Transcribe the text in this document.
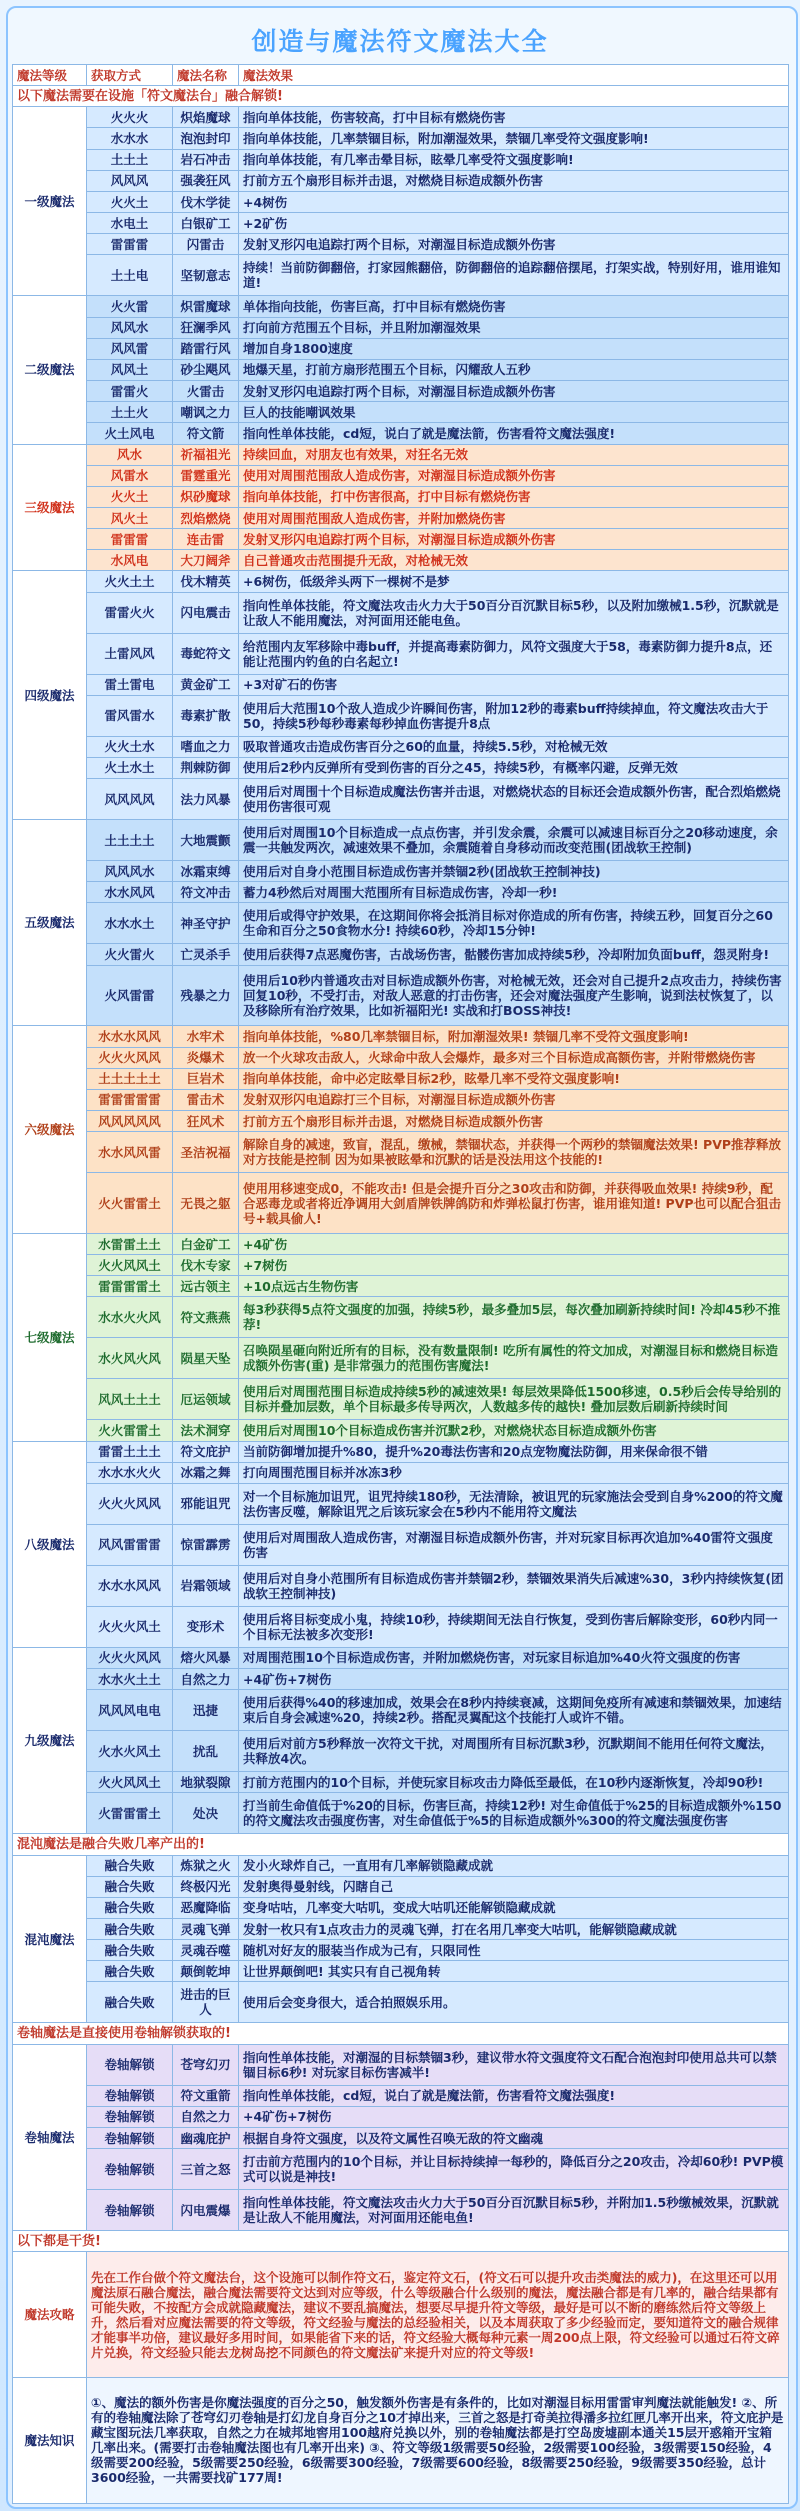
创造与魔法符文魔法大全
魔法等级	获取方式	魔法名称	魔法效果
以下魔法需要在设施「符文魔法台」融合解锁!			
一级魔法	火火火	炽焰魔球	指向单体技能，伤害较高，打中目标有燃烧伤害
	水水水	泡泡封印	指向单体技能，几率禁锢目标，附加潮湿效果，禁锢几率受符文强度影响!
	土土土	岩石冲击	指向单体技能，有几率击晕目标，眩晕几率受符文强度影响!
	风风风	强袭狂风	打前方五个扇形目标并击退，对燃烧目标造成额外伤害
	火火土	伐木学徒	+4树伤
	水电土	白银矿工	+2矿伤
	雷雷雷	闪雷击	发射叉形闪电追踪打两个目标，对潮湿目标造成额外伤害
	土土电	坚韧意志	持续！当前防御翻倍，打家园熊翻倍，防御翻倍的追踪翻倍摆尾，打架实战，特别好用，谁用谁知道!
二级魔法	火火雷	炽雷魔球	单体指向技能，伤害巨高，打中目标有燃烧伤害
	风风水	狂澜季风	打向前方范围五个目标，并且附加潮湿效果
	风风雷	踏雷行风	增加自身1800速度
	风风土	砂尘飓风	地爆天星，打前方扇形范围五个目标，闪耀敌人五秒
	雷雷火	火雷击	发射叉形闪电追踪打两个目标，对潮湿目标造成额外伤害
	土土火	嘲讽之力	巨人的技能嘲讽效果
	火土风电	符文箭	指向性单体技能，cd短，说白了就是魔法箭，伤害看符文魔法强度!
三级魔法	风水	祈福祖光	持续回血，对朋友也有效果，对狂名无效
	风雷水	雷霆重光	使用对周围范围敌人造成伤害，对潮湿目标造成额外伤害
	火火土	炽砂魔球	指向单体技能，打中伤害很高，打中目标有燃烧伤害
	风火土	烈焰燃烧	使用对周围范围敌人造成伤害，并附加燃烧伤害
	雷雷雷	连击雷	发射叉形闪电追踪打两个目标，对潮湿目标造成额外伤害
	水风电	大刀阔斧	自己普通攻击范围提升无敌，对枪械无效
四级魔法	火火土土	伐木精英	+6树伤，低级斧头两下一棵树不是梦
	雷雷火火	闪电震击	指向性单体技能，符文魔法攻击火力大于50百分百沉默目标5秒，以及附加缴械1.5秒，沉默就是让敌人不能用魔法，对河面用还能电鱼。
	土雷风风	毒蛇符文	给范围内友军移除中毒buff，并提高毒素防御力，风符文强度大于58，毒素防御力提升8点，还能让范围内钓鱼的白名起立!
	雷土雷电	黄金矿工	+3对矿石的伤害
	雷风雷水	毒素扩散	使用后大范围10个敌人造成少许瞬间伤害，附加12秒的毒素buff持续掉血，符文魔法攻击大于50，持续5秒每秒毒素每秒掉血伤害提升8点
	火火土水	嗜血之力	吸取普通攻击造成伤害百分之60的血量，持续5.5秒，对枪械无效
	火土水土	荆棘防御	使用后2秒内反弹所有受到伤害的百分之45，持续5秒，有概率闪避，反弹无效
	风风风风	法力风暴	使用后对周围十个目标造成魔法伤害并击退，对燃烧状态的目标还会造成额外伤害，配合烈焰燃烧使用伤害很可观
五级魔法	土土土土	大地震颤	使用后对周围10个目标造成一点点伤害，并引发余震，余震可以减速目标百分之20移动速度，余震一共触发两次，减速效果不叠加，余震随着自身移动而改变范围(团战软王控制)
	风风风水	冰霜束缚	使用后对自身小范围目标造成伤害并禁锢2秒(团战软王控制神技)
	水水风风	符文冲击	蓄力4秒然后对周围大范围所有目标造成伤害，冷却一秒!
	水水水土	神圣守护	使用后或得守护效果，在这期间你将会抵消目标对你造成的所有伤害，持续五秒，回复百分之60生命和百分之50食物水分! 持续60秒，冷却15分钟!
	火火雷火	亡灵杀手	使用后获得7点恶魔伤害，古战场伤害，骷髅伤害加成持续5秒，冷却附加负面buff，怨灵附身!
	火风雷雷	残暴之力	使用后10秒内普通攻击对目标造成额外伤害，对枪械无效，还会对自己提升2点攻击力，持续伤害回复10秒，不受打击，对敌人恶意的打击伤害，还会对魔法强度产生影响，说到法杖恢复了，以及移除所有治疗效果，比如祈福阳光! 实战和打BOSS神技!
六级魔法	水水水风风	水牢术	指向单体技能，%80几率禁锢目标，附加潮湿效果! 禁锢几率不受符文强度影响!
	火火火风风	炎爆术	放一个火球攻击敌人，火球命中敌人会爆炸，最多对三个目标造成高额伤害，并附带燃烧伤害
	土土土土土	巨岩术	指向单体技能，命中必定眩晕目标2秒，眩晕几率不受符文强度影响!
	雷雷雷雷雷	雷击术	发射双形闪电追踪打三个目标，对潮湿目标造成额外伤害
	风风风风风	狂风术	打前方五个扇形目标并击退，对燃烧目标造成额外伤害
	水水风风雷	圣洁祝福	解除自身的减速，致盲，混乱，缴械，禁锢状态，并获得一个两秒的禁锢魔法效果! PVP推荐释放对方技能是控制 因为如果被眩晕和沉默的话是没法用这个技能的!
	火火雷雷土	无畏之躯	使用用移速变成0，不能攻击! 但是会提升百分之30攻击和防御，并获得吸血效果! 持续9秒，配合恶毒龙或者将近净调用大剑盾牌铁牌鸽防和炸弹松鼠打伤害，谁用谁知道! PVP也可以配合狙击号+载具偷人!
七级魔法	水雷雷土土	白金矿工	+4矿伤
	火火风风土	伐木专家	+7树伤
	雷雷雷雷土	远古领主	+10点远古生物伤害
	水水火火风	符文燕燕	每3秒获得5点符文强度的加强，持续5秒，最多叠加5层，每次叠加刷新持续时间! 冷却45秒不推荐!
	水火风火风	陨星天坠	召唤陨星砸向附近所有的目标，没有数量限制! 吃所有属性的符文加成，对潮湿目标和燃烧目标造成额外伤害(重) 是非常强力的范围伤害魔法!
	风风土土土	厄运领域	使用后对周围范围目标造成持续5秒的减速效果! 每层效果降低1500移速，0.5秒后会传导给别的目标并叠加层数，单个目标最多传导两次，人数越多传的越快! 叠加层数后刷新持续时间
	火火雷雷土	法术洞穿	使用后对周围10个目标造成伤害并沉默2秒，对燃烧状态目标造成额外伤害
八级魔法	雷雷土土土	符文庇护	当前防御增加提升%80，提升%20毒法伤害和20点宠物魔法防御，用来保命很不错
	水水水火火	冰霜之舞	打向周围范围目标并冰冻3秒
	火火火风风	邪能诅咒	对一个目标施加诅咒，诅咒持续180秒，无法清除，被诅咒的玩家施法会受到自身%200的符文魔法伤害反噬，解除诅咒之后该玩家会在5秒内不能用符文魔法
	风风雷雷雷	惊雷霹雳	使用后对周围敌人造成伤害，对潮湿目标造成额外伤害，并对玩家目标再次追加%40雷符文强度伤害
	水水水风风	岩霜领域	使用后对自身小范围所有目标造成伤害并禁锢2秒，禁锢效果消失后减速%30，3秒内持续恢复(团战软王控制神技)
	火火火风土	变形术	使用后将目标变成小鬼，持续10秒，持续期间无法自行恢复，受到伤害后解除变形，60秒内同一个目标无法被多次变形!
九级魔法	火火火风风	熔火风暴	对周围范围10个目标造成伤害，并附加燃烧伤害，对玩家目标追加%40火符文强度的伤害
	水水火土土	自然之力	+4矿伤+7树伤
	风风风电电	迅捷	使用后获得%40的移速加成，效果会在8秒内持续衰减，这期间免疫所有减速和禁锢效果，加速结束后自身会减速%20，持续2秒。搭配灵翼配这个技能打人或许不错。
	火水火风土	扰乱	使用后对前方5秒释放一次符文干扰，对周围所有目标沉默3秒，沉默期间不能用任何符文魔法，共释放4次。
	火火风风土	地狱裂隙	打前方范围内的10个目标，并使玩家目标攻击力降低至最低，在10秒内逐渐恢复，冷却90秒!
	火雷雷雷土	处决	打当前生命值低于%20的目标，伤害巨高，持续12秒! 对生命值低于%25的目标造成额外%150的符文魔法攻击强度伤害，对生命值低于%5的目标造成额外%300的符文魔法强度伤害
混沌魔法是融合失败几率产出的!			
混沌魔法	融合失败	炼狱之火	发小火球炸自己，一直用有几率解锁隐藏成就
	融合失败	终极闪光	发射奥得曼射线，闪瞎自己
	融合失败	恶魔降临	变身咕咕，几率变大咕叽，变成大咕叽还能解锁隐藏成就
	融合失败	灵魂飞弹	发射一枚只有1点攻击力的灵魂飞弹，打在名用几率变大咕叽，能解锁隐藏成就
	融合失败	灵魂吞噬	随机对好友的服装当作成为己有，只限同性
	融合失败	颠倒乾坤	让世界颠倒吧! 其实只有自己视角转
	融合失败	进击的巨人	使用后会变身很大，适合拍照娱乐用。
卷轴魔法是直接使用卷轴解锁获取的!			
卷轴魔法	卷轴解锁	苍穹幻刃	指向性单体技能，对潮湿的目标禁锢3秒，建议带水符文强度符文石配合泡泡封印使用总共可以禁锢目标6秒! 对玩家目标伤害减半!
	卷轴解锁	符文重箭	指向性单体技能，cd短，说白了就是魔法箭，伤害看符文魔法强度!
	卷轴解锁	自然之力	+4矿伤+7树伤
	卷轴解锁	幽魂庇护	根据自身符文强度，以及符文属性召唤无敌的符文幽魂
	卷轴解锁	三首之怒	打击前方范围内的10个目标，并让目标持续掉一每秒的，降低百分之20攻击，冷却60秒! PVP模式可以说是神技!
	卷轴解锁	闪电震爆	指向性单体技能，符文魔法攻击火力大于50百分百沉默目标5秒，并附加1.5秒缴械效果，沉默就是让敌人不能用魔法，对河面用还能电鱼!
以下都是干货!			
魔法攻略	先在工作台做个符文魔法台，这个设施可以制作符文石，鉴定符文石，(符文石可以提升攻击类魔法的威力)，在这里还可以用魔法原石融合魔法，融合魔法需要符文达到对应等级，什么等级融合什么级别的魔法，魔法融合都是有几率的，融合结果都有可能失败，不按配方会成就隐藏魔法，建议不要乱搞魔法，想要尽早提升符文等级，最好是可以不断的磨练然后符文等级上升，然后看对应魔法需要的符文等级，符文经验与魔法的总经验相关，以及本周获取了多少经验而定，要知道符文的融合规律才能事半功倍，建议最好多用时间，如果能省下来的话，符文经验大概每种元素一周200点上限，符文经验可以通过石符文碎片兑换，符文经验只能去龙树岛挖不同颜色的符文魔法矿来提升对应的符文等级!		
魔法知识	①、魔法的额外伤害是你魔法强度的百分之50，触发额外伤害是有条件的，比如对潮湿目标用雷雷审判魔法就能触发! ②、所有的卷轴魔法除了苍穹幻刃卷轴是打幻龙自身百分之10才掉出来，三首之怒是打奇美拉得潘多拉红匣几率开出来，符文庇护是藏宝图玩法几率获取，自然之力在城邦地窖用100越府兑换以外，别的卷轴魔法都是打空岛废墟副本通关15层开惑箱开宝箱几率出来。(需要打击卷轴魔法图也有几率开出来) ③、符文等级1级需要50经验，2级需要100经验，3级需要150经验，4级需要200经验，5级需要250经验，6级需要300经验，7级需要600经验，8级需要250经验，9级需要350经验，总计3600经验，一共需要找矿177周!		
